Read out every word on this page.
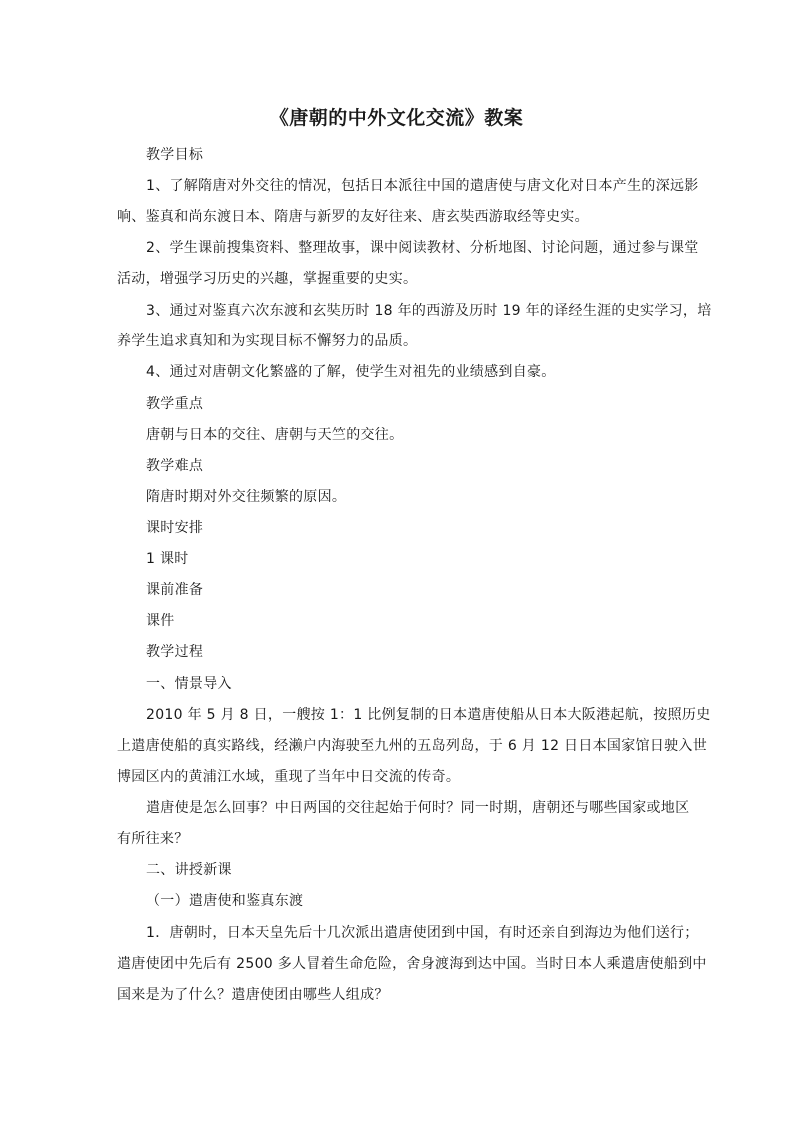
《唐朝的中外文化交流》教案
教学目标
1、了解隋唐对外交往的情况，包括日本派往中国的遣唐使与唐文化对日本产生的深远影
响、鉴真和尚东渡日本、隋唐与新罗的友好往来、唐玄奘西游取经等史实。
2、学生课前搜集资料、整理故事，课中阅读教材、分析地图、讨论问题，通过参与课堂
活动，增强学习历史的兴趣，掌握重要的史实。
3、通过对鉴真六次东渡和玄奘历时 18 年的西游及历时 19 年的译经生涯的史实学习，培
养学生追求真知和为实现目标不懈努力的品质。
4、通过对唐朝文化繁盛的了解，使学生对祖先的业绩感到自豪。
教学重点
唐朝与日本的交往、唐朝与天竺的交往。
教学难点
隋唐时期对外交往频繁的原因。
课时安排
1 课时
课前准备
课件
教学过程
一、情景导入
2010 年 5 月 8 日，一艘按 1：1 比例复制的日本遣唐使船从日本大阪港起航，按照历史
上遣唐使船的真实路线，经濑户内海驶至九州的五岛列岛，于 6 月 12 日日本国家馆日驶入世
博园区内的黄浦江水域，重现了当年中日交流的传奇。
遣唐使是怎么回事？中日两国的交往起始于何时？同一时期，唐朝还与哪些国家或地区
有所往来？
二、讲授新课
（一）遣唐使和鉴真东渡
1．唐朝时，日本天皇先后十几次派出遣唐使团到中国，有时还亲自到海边为他们送行；
遣唐使团中先后有 2500 多人冒着生命危险，舍身渡海到达中国。当时日本人乘遣唐使船到中
国来是为了什么？遣唐使团由哪些人组成？
